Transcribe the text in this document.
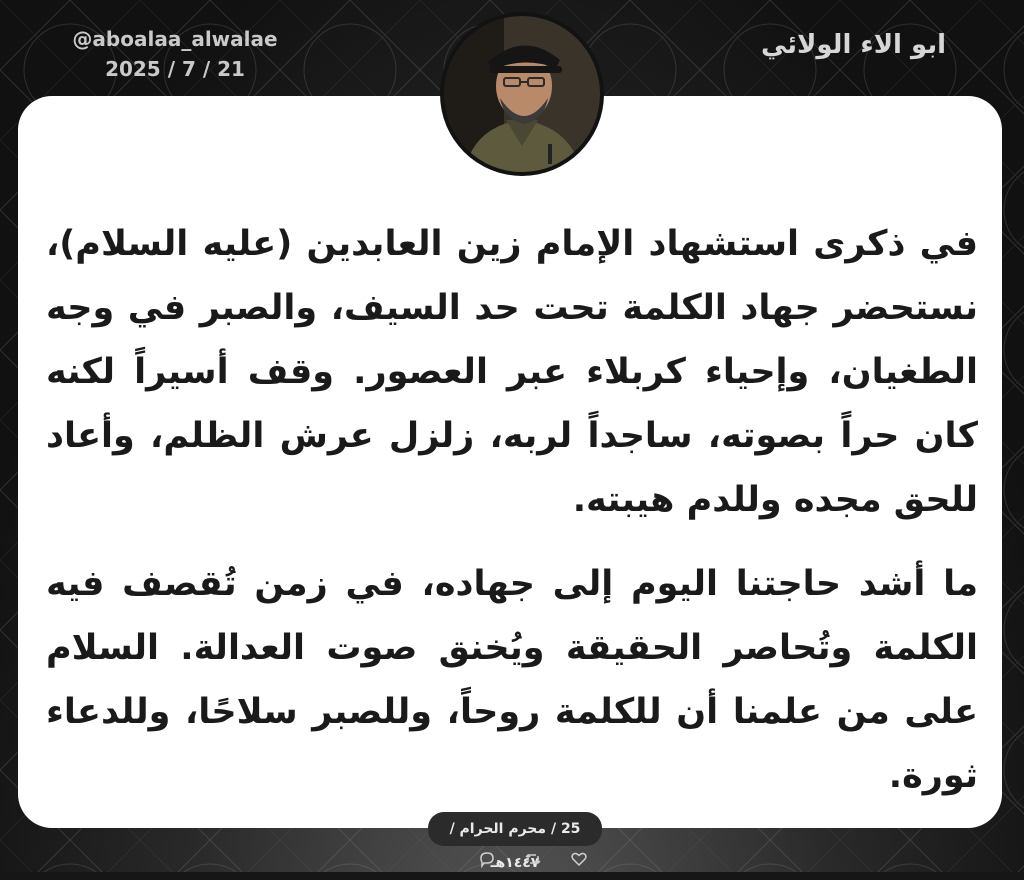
@aboalaa_alwalae
2025 / 7 / 21
ابو الاء الولائي

في ذكرى استشهاد الإمام زين العابدين (عليه السلام)، نستحضر جهاد الكلمة تحت حد السيف، والصبر في وجه الطغيان، وإحياء كربلاء عبر العصور. وقف أسيراً لكنه كان حراً بصوته، ساجداً لربه، زلزل عرش الظلم، وأعاد للحق مجده وللدم هيبته.

ما أشد حاجتنا اليوم إلى جهاده، في زمن تُقصف فيه الكلمة وتُحاصر الحقيقة ويُخنق صوت العدالة. السلام على من علمنا أن للكلمة روحاً، وللصبر سلاحًا، وللدعاء ثورة.

25 / محرم الحرام / ١٤٤٧هـ
